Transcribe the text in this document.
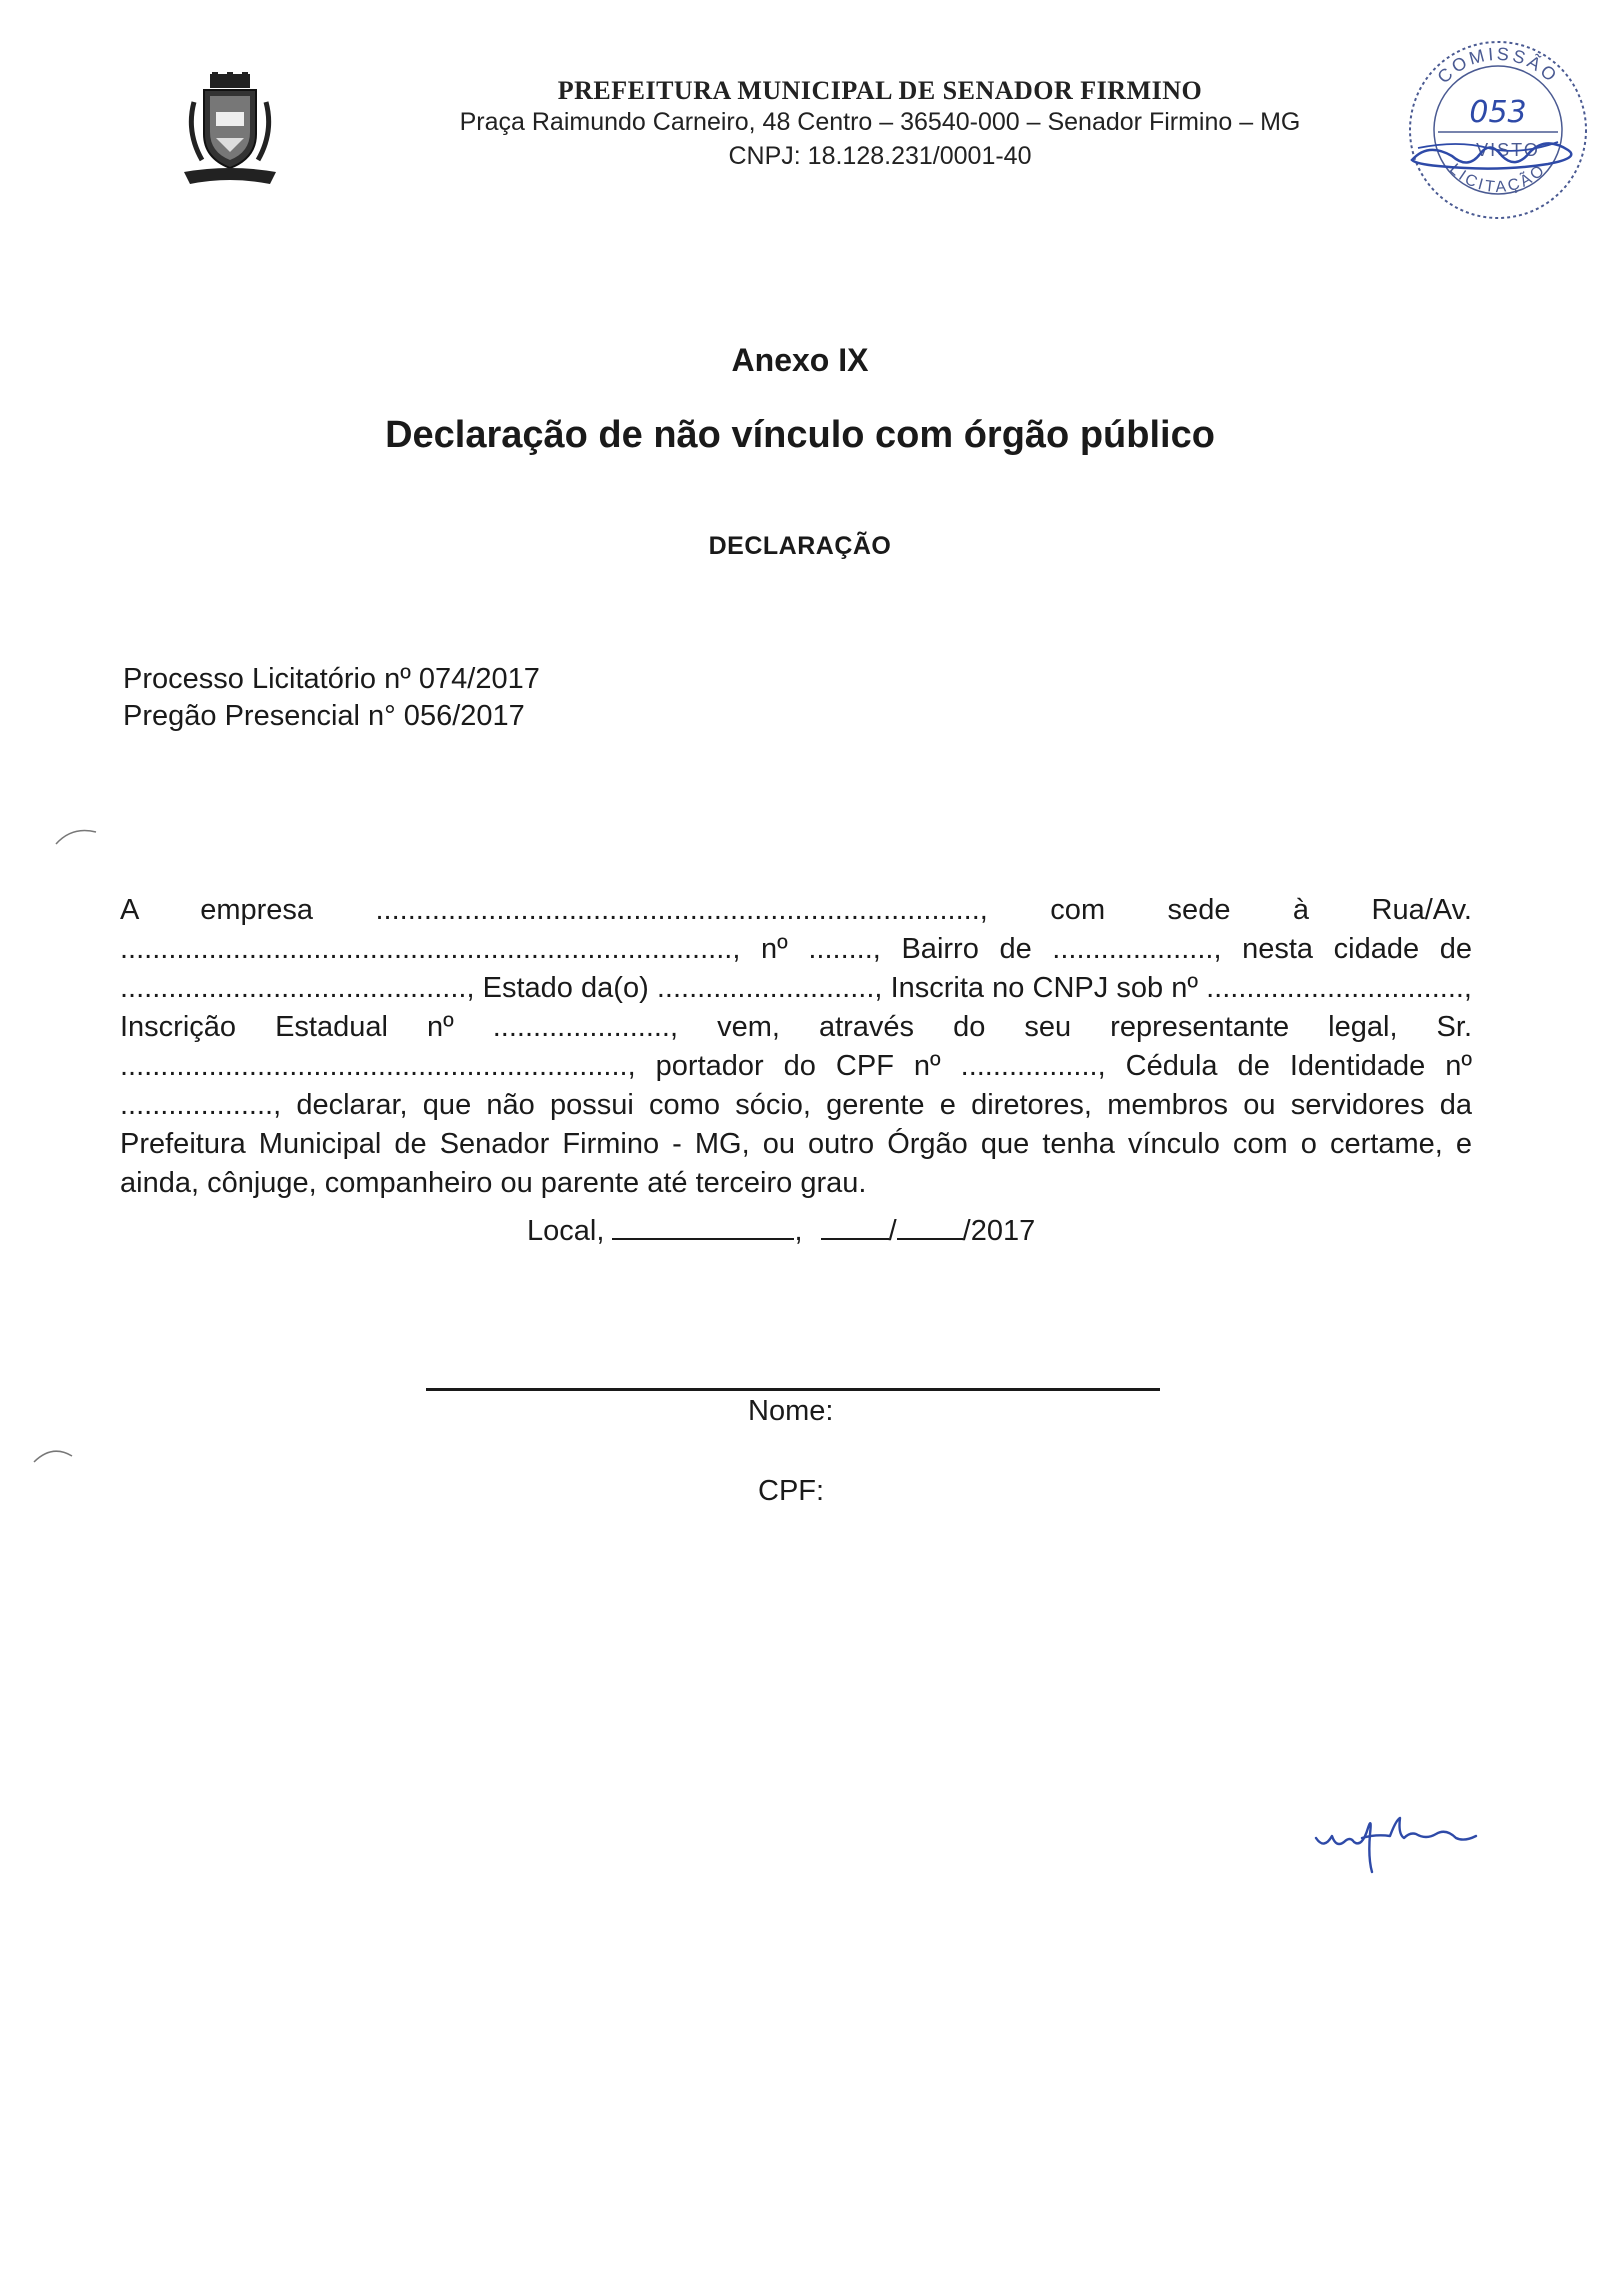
PREFEITURA MUNICIPAL DE SENADOR FIRMINO
Praça Raimundo Carneiro, 48 Centro – 36540-000 – Senador Firmino – MG
CNPJ: 18.128.231/0001-40
COMISSÃO
LICITAÇÃO
053
VISTO
Anexo IX
Declaração de não vínculo com órgão público
DECLARAÇÃO
Processo Licitatório nº 074/2017
Pregão Presencial n° 056/2017

A empresa ..........................................................................., com sede à Rua/Av. ............................................................................, nº ........, Bairro de ...................., nesta cidade de ..........................................., Estado da(o) ..........................., Inscrita no CNPJ sob nº ................................, Inscrição Estadual nº ......................, vem, através do seu representante legal, Sr. ..............................................................., portador do CPF nº ................., Cédula de Identidade nº ..................., declarar, que não possui como sócio, gerente e diretores, membros ou servidores da Prefeitura Municipal de Senador Firmino - MG, ou outro Órgão que tenha vínculo com o certame, e ainda, cônjuge, companheiro ou parente até terceiro grau.

Local,	,	/ /2017
Nome:
CPF:
